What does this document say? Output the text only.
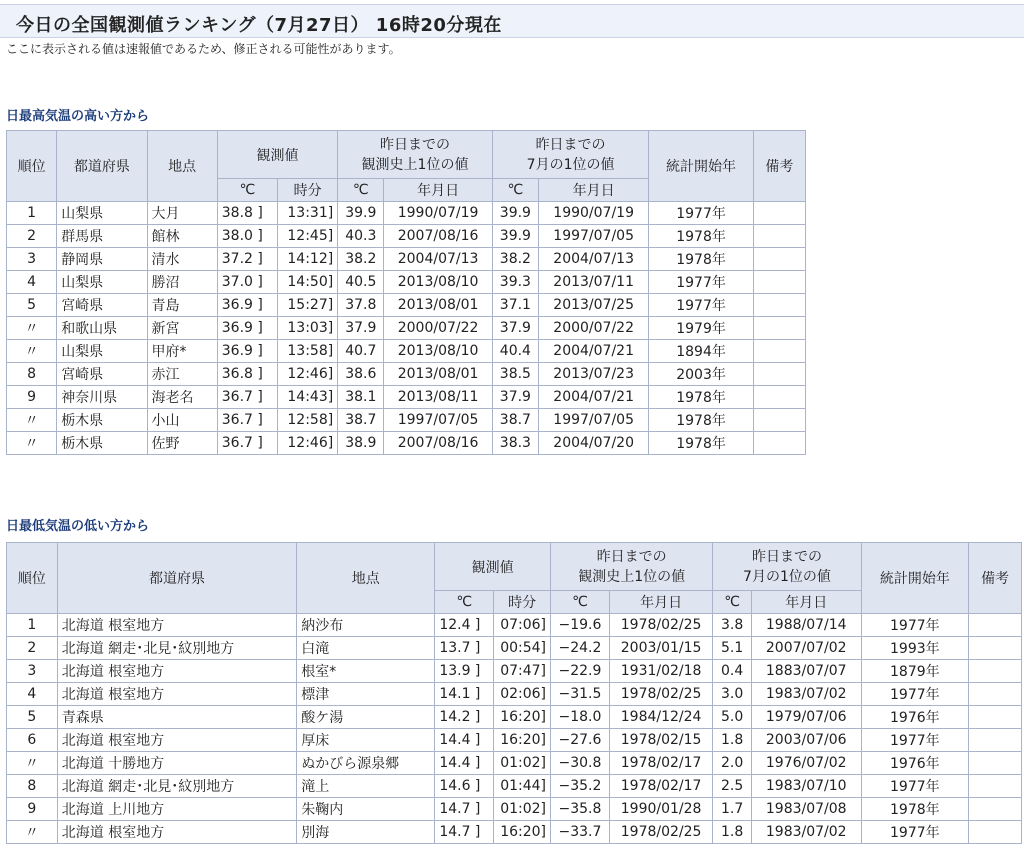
今日の全国観測値ランキング（7月27日） 16時20分現在
ここに表示される値は速報値であるため、修正される可能性があります。
日最高気温の高い方から
順位	都道府県	地点	観測値		昨日までの
観測史上1位の値		昨日までの
7月の1位の値		統計開始年	備考
			℃	時分	℃	年月日	℃	年月日		
1	山梨県	大月	38.8 ]	13:31]	39.9	1990/07/19	39.9	1990/07/19	1977年	
2	群馬県	館林	38.0 ]	12:45]	40.3	2007/08/16	39.9	1997/07/05	1978年	
3	静岡県	清水	37.2 ]	14:12]	38.2	2004/07/13	38.2	2004/07/13	1978年	
4	山梨県	勝沼	37.0 ]	14:50]	40.5	2013/08/10	39.3	2013/07/11	1977年	
5	宮崎県	青島	36.9 ]	15:27]	37.8	2013/08/01	37.1	2013/07/25	1977年	
〃	和歌山県	新宮	36.9 ]	13:03]	37.9	2000/07/22	37.9	2000/07/22	1979年	
〃	山梨県	甲府*	36.9 ]	13:58]	40.7	2013/08/10	40.4	2004/07/21	1894年	
8	宮崎県	赤江	36.8 ]	12:46]	38.6	2013/08/01	38.5	2013/07/23	2003年	
9	神奈川県	海老名	36.7 ]	14:43]	38.1	2013/08/11	37.9	2004/07/21	1978年	
〃	栃木県	小山	36.7 ]	12:58]	38.7	1997/07/05	38.7	1997/07/05	1978年	
〃	栃木県	佐野	36.7 ]	12:46]	38.9	2007/08/16	38.3	2004/07/20	1978年	
日最低気温の低い方から
順位	都道府県	地点	観測値		昨日までの
観測史上1位の値		昨日までの
7月の1位の値		統計開始年	備考
			℃	時分	℃	年月日	℃	年月日		
1	北海道 根室地方	納沙布	12.4 ]	07:06]	−19.6	1978/02/25	3.8	1988/07/14	1977年	
2	北海道 網走･北見･紋別地方	白滝	13.7 ]	00:54]	−24.2	2003/01/15	5.1	2007/07/02	1993年	
3	北海道 根室地方	根室*	13.9 ]	07:47]	−22.9	1931/02/18	0.4	1883/07/07	1879年	
4	北海道 根室地方	標津	14.1 ]	02:06]	−31.5	1978/02/25	3.0	1983/07/02	1977年	
5	青森県	酸ケ湯	14.2 ]	16:20]	−18.0	1984/12/24	5.0	1979/07/06	1976年	
6	北海道 根室地方	厚床	14.4 ]	16:20]	−27.6	1978/02/15	1.8	2003/07/06	1977年	
〃	北海道 十勝地方	ぬかびら源泉郷	14.4 ]	01:02]	−30.8	1978/02/17	2.0	1976/07/02	1976年	
8	北海道 網走･北見･紋別地方	滝上	14.6 ]	01:44]	−35.2	1978/02/17	2.5	1983/07/10	1977年	
9	北海道 上川地方	朱鞠内	14.7 ]	01:02]	−35.8	1990/01/28	1.7	1983/07/08	1978年	
〃	北海道 根室地方	別海	14.7 ]	16:20]	−33.7	1978/02/25	1.8	1983/07/02	1977年	
